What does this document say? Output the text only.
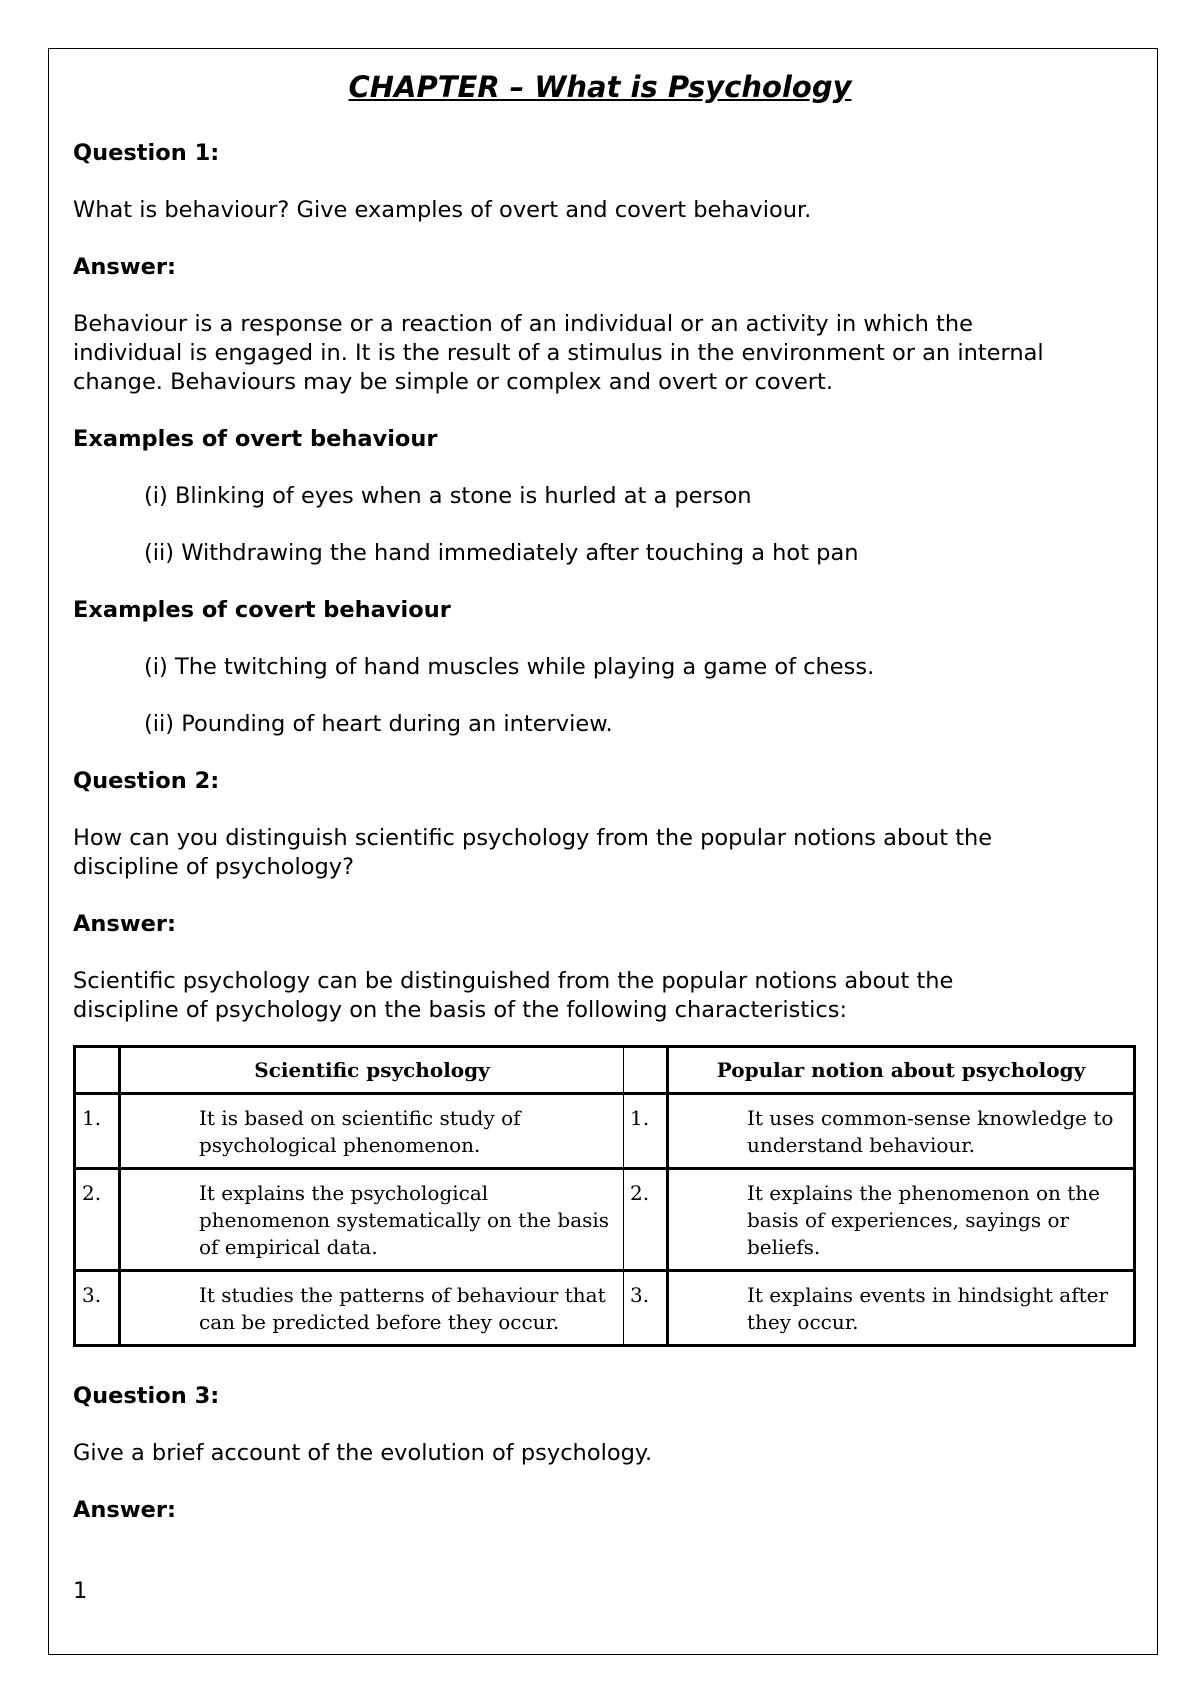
CHAPTER – What is Psychology
Question 1:
What is behaviour? Give examples of overt and covert behaviour.
Answer:
Behaviour is a response or a reaction of an individual or an activity in which the
individual is engaged in. It is the result of a stimulus in the environment or an internal
change. Behaviours may be simple or complex and overt or covert.
Examples of overt behaviour
(i) Blinking of eyes when a stone is hurled at a person
(ii) Withdrawing the hand immediately after touching a hot pan
Examples of covert behaviour
(i) The twitching of hand muscles while playing a game of chess.
(ii) Pounding of heart during an interview.
Question 2:
How can you distinguish scientific psychology from the popular notions about the
discipline of psychology?
Answer:
Scientific psychology can be distinguished from the popular notions about the
discipline of psychology on the basis of the following characteristics:
	Scientific psychology		Popular notion about psychology
1.	It is based on scientific study of psychological phenomenon.	1.	It uses common-sense knowledge to understand behaviour.
2.	It explains the psychological phenomenon systematically on the basis of empirical data.	2.	It explains the phenomenon on the basis of experiences, sayings or beliefs.
3.	It studies the patterns of behaviour that can be predicted before they occur.	3.	It explains events in hindsight after they occur.
Question 3:
Give a brief account of the evolution of psychology.
Answer:
1
